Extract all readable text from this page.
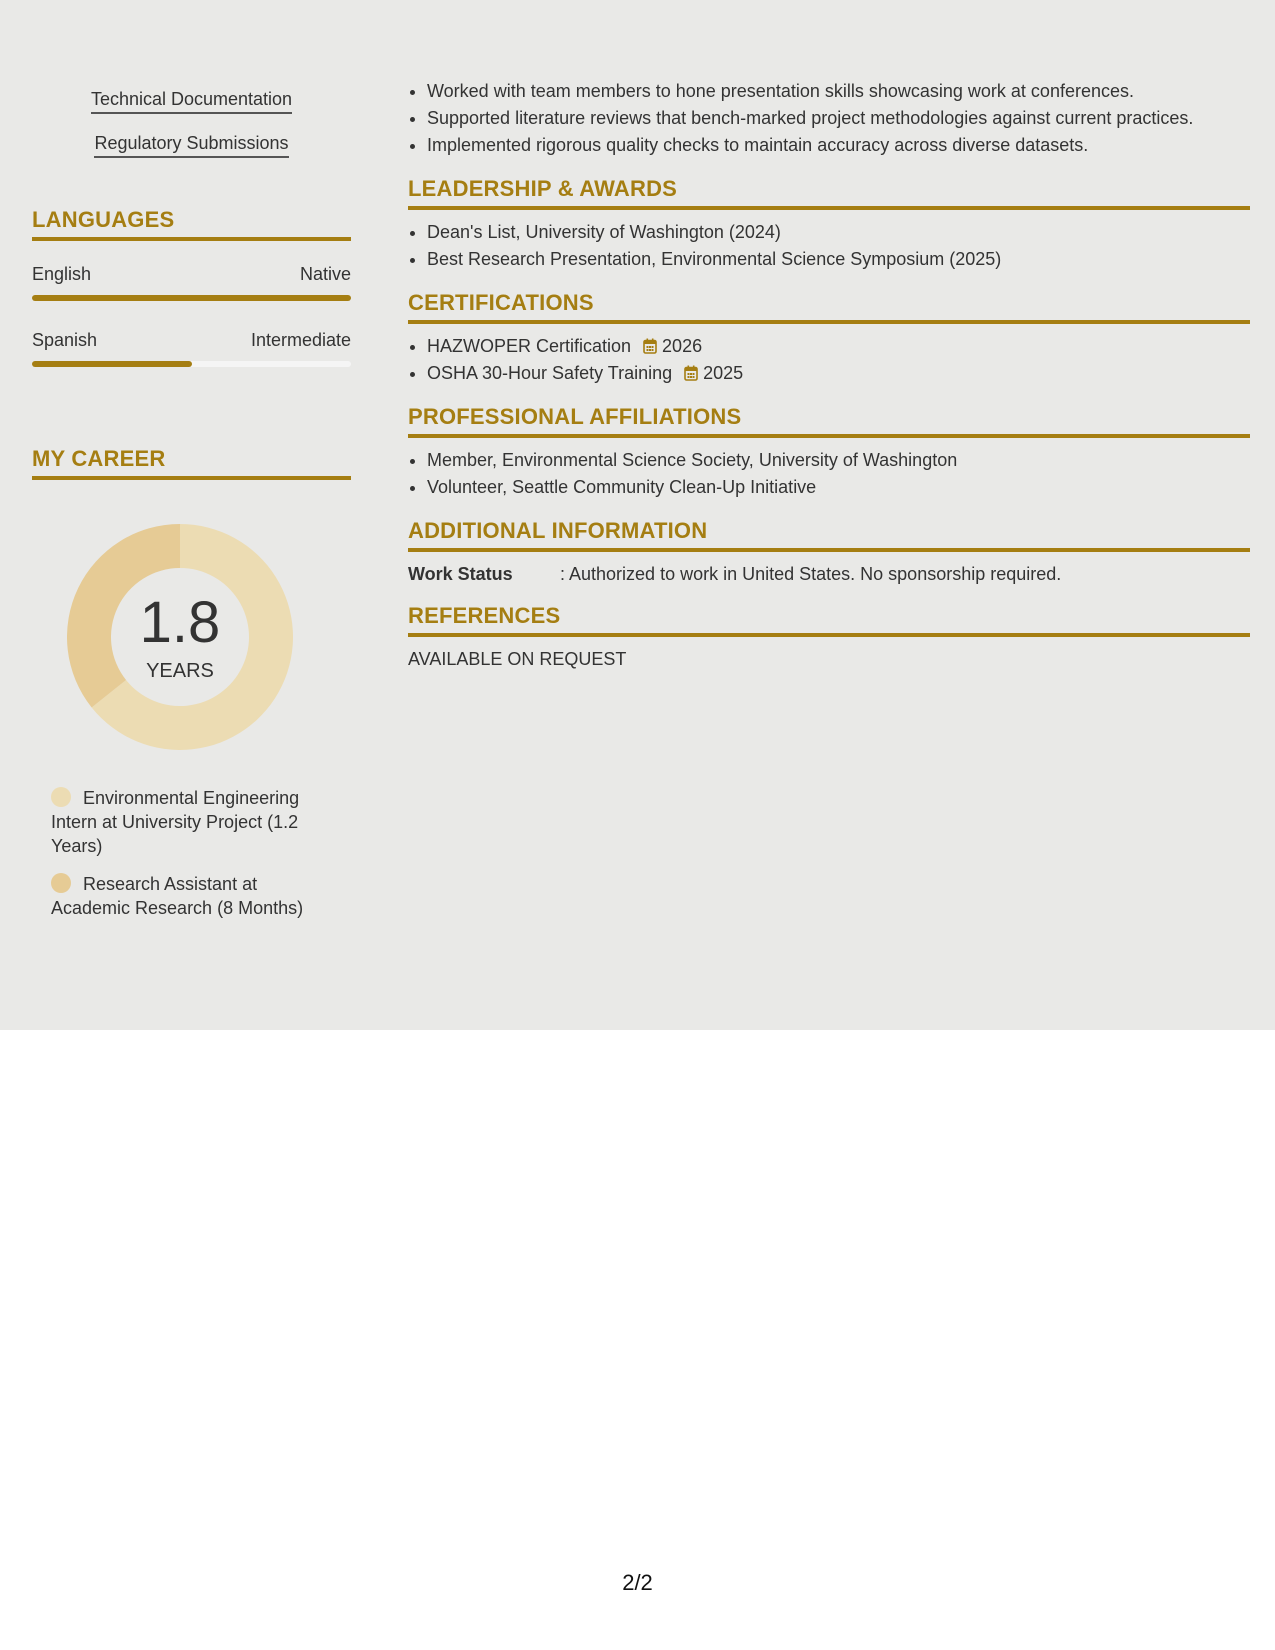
Technical Documentation
Regulatory Submissions
LANGUAGES
English	Native
Spanish	Intermediate
MY CAREER
1.8
YEARS
Environmental Engineering Intern at University Project (1.2 Years)
Research Assistant at Academic Research (8 Months)
• Worked with team members to hone presentation skills showcasing work at conferences.
• Supported literature reviews that bench-marked project methodologies against current practices.
• Implemented rigorous quality checks to maintain accuracy across diverse datasets.
LEADERSHIP & AWARDS
• Dean's List, University of Washington (2024)
• Best Research Presentation, Environmental Science Symposium (2025)
CERTIFICATIONS
• HAZWOPER Certification 2026
• OSHA 30-Hour Safety Training 2025
PROFESSIONAL AFFILIATIONS
• Member, Environmental Science Society, University of Washington
• Volunteer, Seattle Community Clean-Up Initiative
ADDITIONAL INFORMATION
Work Status	: Authorized to work in United States. No sponsorship required.
REFERENCES
AVAILABLE ON REQUEST
2/2
